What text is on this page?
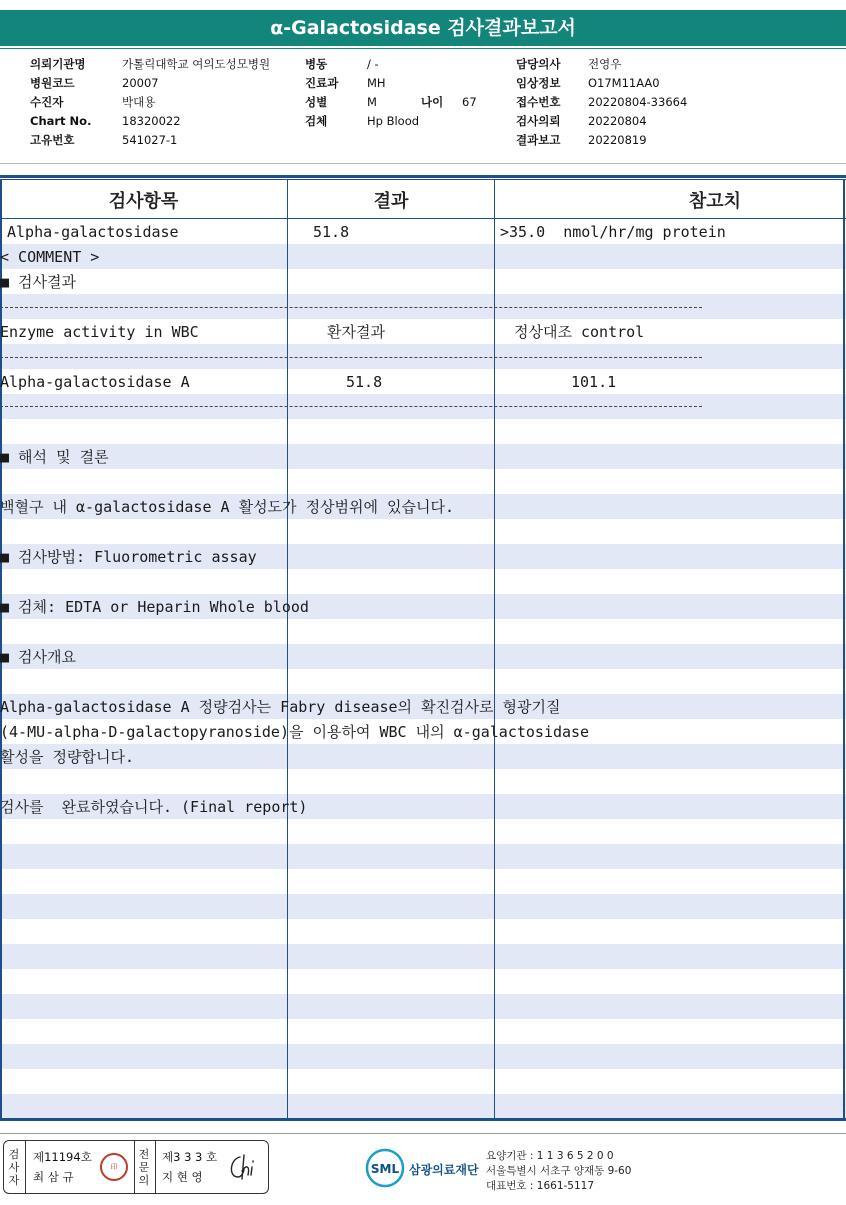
α-Galactosidase 검사결과보고서
의뢰기관명	가톨릭대학교 여의도성모병원
병원코드	20007
수진자	박대용
Chart No.	18320022
고유번호	541027-1
병동	/ -
진료과 MH
성별	M	나이 67
검체	Hp Blood
담당의사 전영우
임상정보 O17M11AA0
접수번호 20220804-33664
검사의뢰 20220804
결과보고 20220819
검사항목	결과	참고치
Alpha-galactosidase	51.8	>35.0  nmol/hr/mg protein
< COMMENT >
■ 검사결과
Enzyme activity in WBC	환자결과	정상대조 control
Alpha-galactosidase A	51.8	101.1
■ 해석 및 결론
백혈구 내 α-galactosidase A 활성도가 정상범위에 있습니다.
■ 검사방법: Fluorometric assay
■ 검체: EDTA or Heparin Whole blood
■ 검사개요
Alpha-galactosidase A 정량검사는 Fabry disease의 확진검사로 형광기질
(4-MU-alpha-D-galactopyranoside)을 이용하여 WBC 내의 α-galactosidase
활성을 정량합니다.
검사를  완료하였습니다. (Final report)
검사자
제11194호
최 삼 규
印
전문의
제3 3 3 호
지 현 영
SML 삼광의료재단
요양기관 : 1 1 3 6 5 2 0 0
서울특별시 서초구 양재동 9-60
대표번호 : 1661-5117
